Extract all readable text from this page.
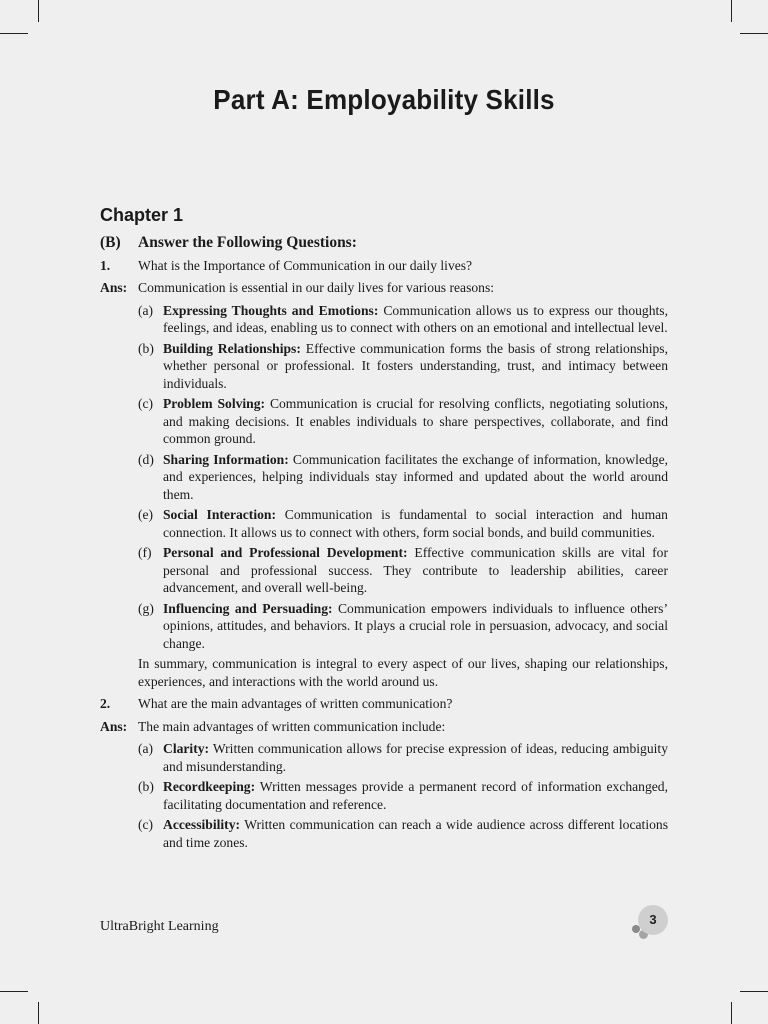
Part A: Employability Skills
Chapter 1
(B)	Answer the Following Questions:
1.	What is the Importance of Communication in our daily lives?
Ans: Communication is essential in our daily lives for various reasons:
(a) Expressing Thoughts and Emotions: Communication allows us to express our thoughts, feelings, and ideas, enabling us to connect with others on an emotional and intellectual level.
(b) Building Relationships: Effective communication forms the basis of strong relationships, whether personal or professional. It fosters understanding, trust, and intimacy between individuals.
(c) Problem Solving: Communication is crucial for resolving conflicts, negotiating solutions, and making decisions. It enables individuals to share perspectives, collaborate, and find common ground.
(d) Sharing Information: Communication facilitates the exchange of information, knowledge, and experiences, helping individuals stay informed and updated about the world around them.
(e) Social Interaction: Communication is fundamental to social interaction and human connection. It allows us to connect with others, form social bonds, and build communities.
(f) Personal and Professional Development: Effective communication skills are vital for personal and professional success. They contribute to leadership abilities, career advancement, and overall well-being.
(g) Influencing and Persuading: Communication empowers individuals to influence others’ opinions, attitudes, and behaviors. It plays a crucial role in persuasion, advocacy, and social change.
In summary, communication is integral to every aspect of our lives, shaping our relationships, experiences, and interactions with the world around us.
2.	What are the main advantages of written communication?
Ans: The main advantages of written communication include:
(a) Clarity: Written communication allows for precise expression of ideas, reducing ambiguity and misunderstanding.
(b) Recordkeeping: Written messages provide a permanent record of information exchanged, facilitating documentation and reference.
(c) Accessibility: Written communication can reach a wide audience across different locations and time zones.
UltraBright Learning	3
